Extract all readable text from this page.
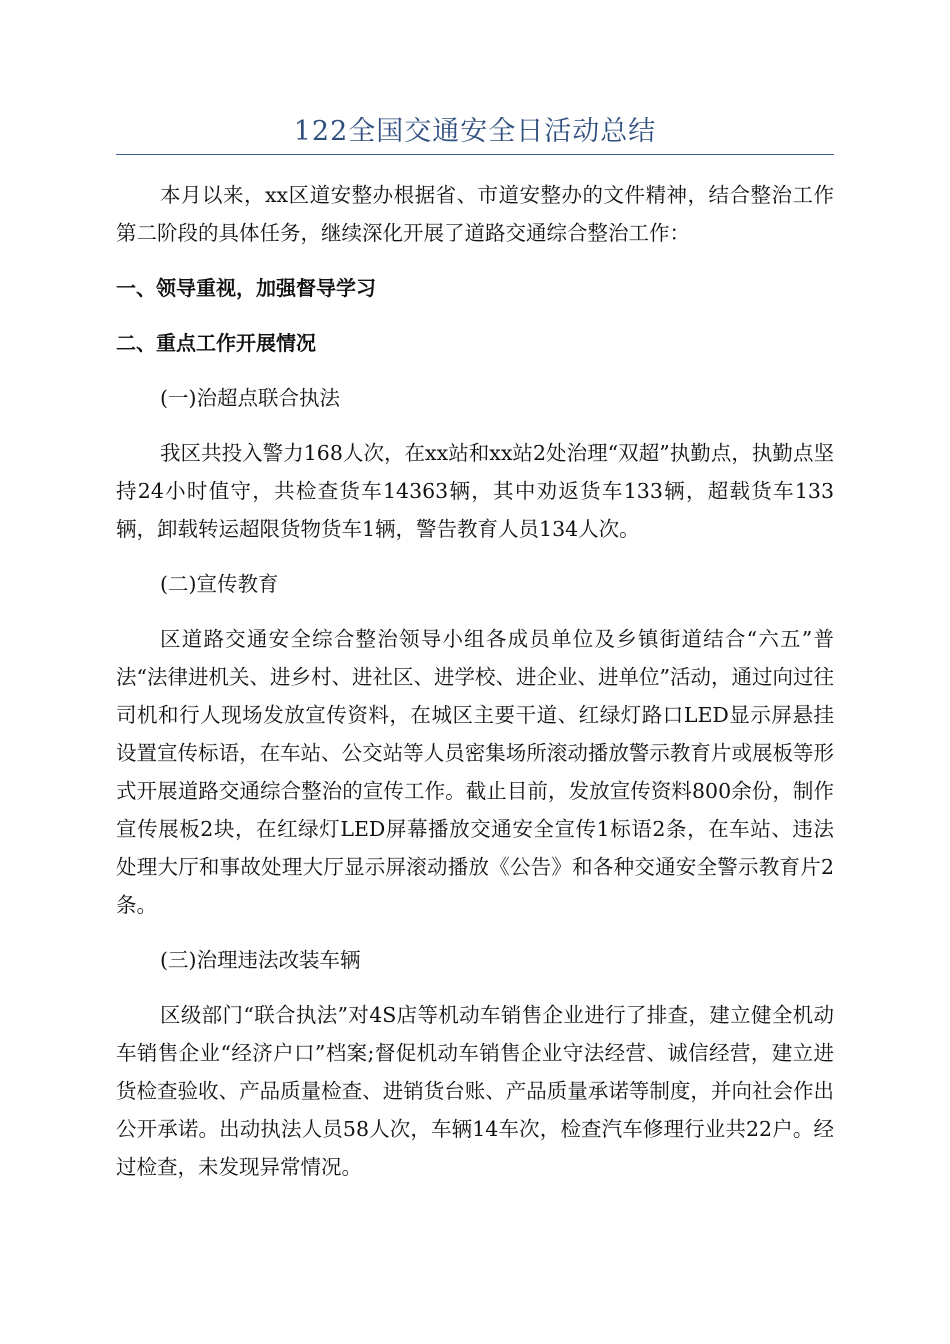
122全国交通安全日活动总结

本月以来，xx区道安整办根据省、市道安整办的文件精神，结合整治工作第二阶段的具体任务，继续深化开展了道路交通综合整治工作：

一、领导重视，加强督导学习

二、重点工作开展情况

(一)治超点联合执法

我区共投入警力168人次，在xx站和xx站2处治理“双超”执勤点，执勤点坚持24小时值守，共检查货车14363辆，其中劝返货车133辆，超载货车133辆，卸载转运超限货物货车1辆，警告教育人员134人次。

(二)宣传教育

区道路交通安全综合整治领导小组各成员单位及乡镇街道结合“六五”普法“法律进机关、进乡村、进社区、进学校、进企业、进单位”活动，通过向过往司机和行人现场发放宣传资料，在城区主要干道、红绿灯路口LED显示屏悬挂设置宣传标语，在车站、公交站等人员密集场所滚动播放警示教育片或展板等形式开展道路交通综合整治的宣传工作。截止目前，发放宣传资料800余份，制作宣传展板2块，在红绿灯LED屏幕播放交通安全宣传1标语2条，在车站、违法处理大厅和事故处理大厅显示屏滚动播放《公告》和各种交通安全警示教育片2条。

(三)治理违法改装车辆

区级部门“联合执法”对4S店等机动车销售企业进行了排查，建立健全机动车销售企业“经济户口”档案;督促机动车销售企业守法经营、诚信经营，建立进货检查验收、产品质量检查、进销货台账、产品质量承诺等制度，并向社会作出公开承诺。出动执法人员58人次，车辆14车次，检查汽车修理行业共22户。经过检查，未发现异常情况。
